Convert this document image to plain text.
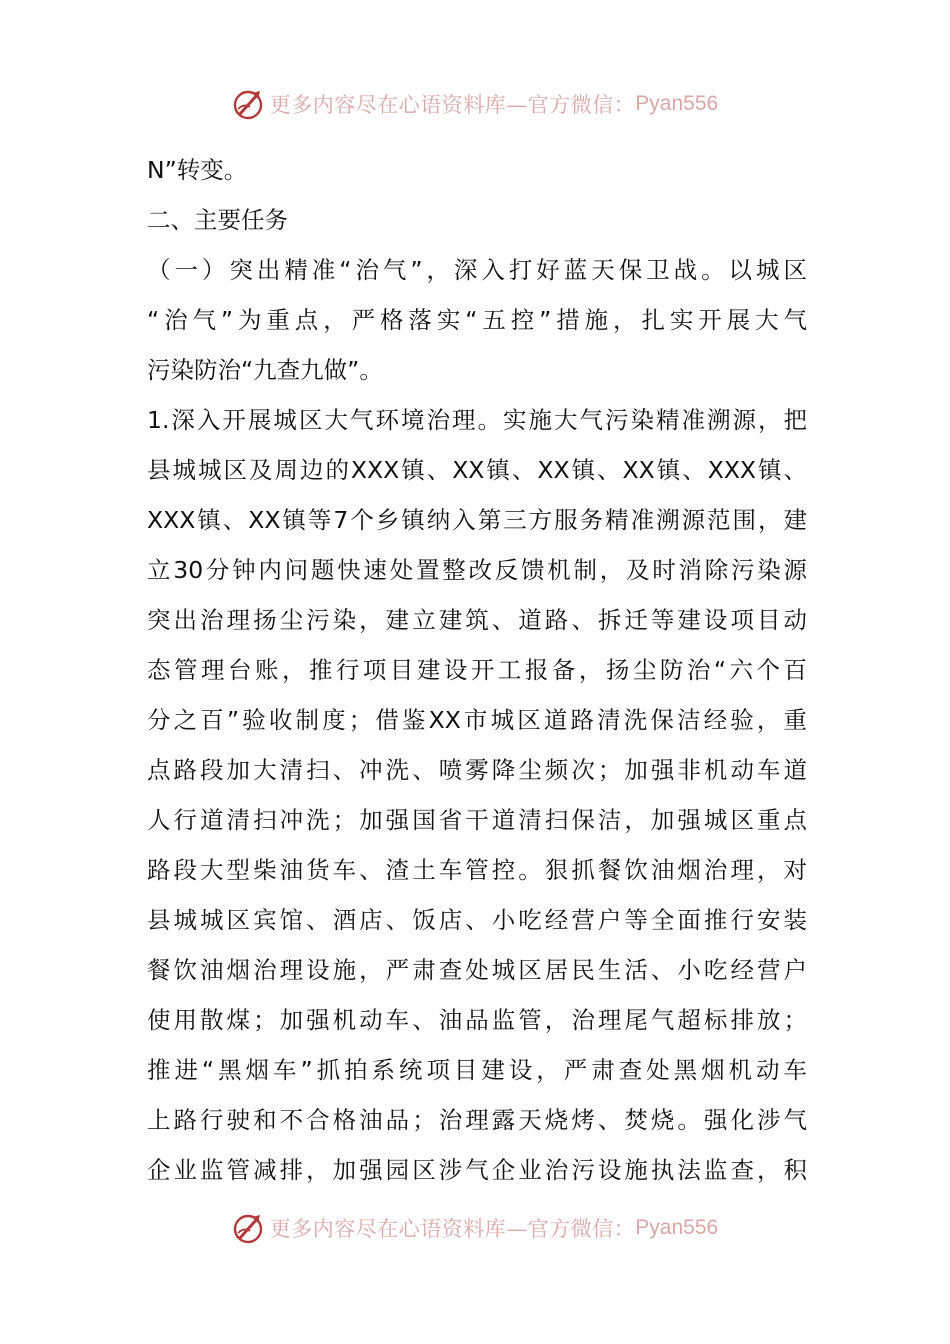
更多内容尽在心语资料库—官方微信： Pyan556
N”转变。
二、主要任务
（一）突出精准“治气”，深入打好蓝天保卫战。以城区
“治气”为重点，严格落实“五控”措施，扎实开展大气
污染防治“九查九做”。
1.深入开展城区大气环境治理。实施大气污染精准溯源，把
县城城区及周边的XXX镇、XX镇、XX镇、XX镇、XXX镇、
XXX镇、XX镇等7个乡镇纳入第三方服务精准溯源范围，建
立30分钟内问题快速处置整改反馈机制，及时消除污染源
突出治理扬尘污染，建立建筑、道路、拆迁等建设项目动
态管理台账，推行项目建设开工报备，扬尘防治“六个百
分之百”验收制度；借鉴XX市城区道路清洗保洁经验，重
点路段加大清扫、冲洗、喷雾降尘频次；加强非机动车道
人行道清扫冲洗；加强国省干道清扫保洁，加强城区重点
路段大型柴油货车、渣土车管控。狠抓餐饮油烟治理，对
县城城区宾馆、酒店、饭店、小吃经营户等全面推行安装
餐饮油烟治理设施，严肃查处城区居民生活、小吃经营户
使用散煤；加强机动车、油品监管，治理尾气超标排放；
推进“黑烟车”抓拍系统项目建设，严肃查处黑烟机动车
上路行驶和不合格油品；治理露天烧烤、焚烧。强化涉气
企业监管减排，加强园区涉气企业治污设施执法监查，积
更多内容尽在心语资料库—官方微信： Pyan556
